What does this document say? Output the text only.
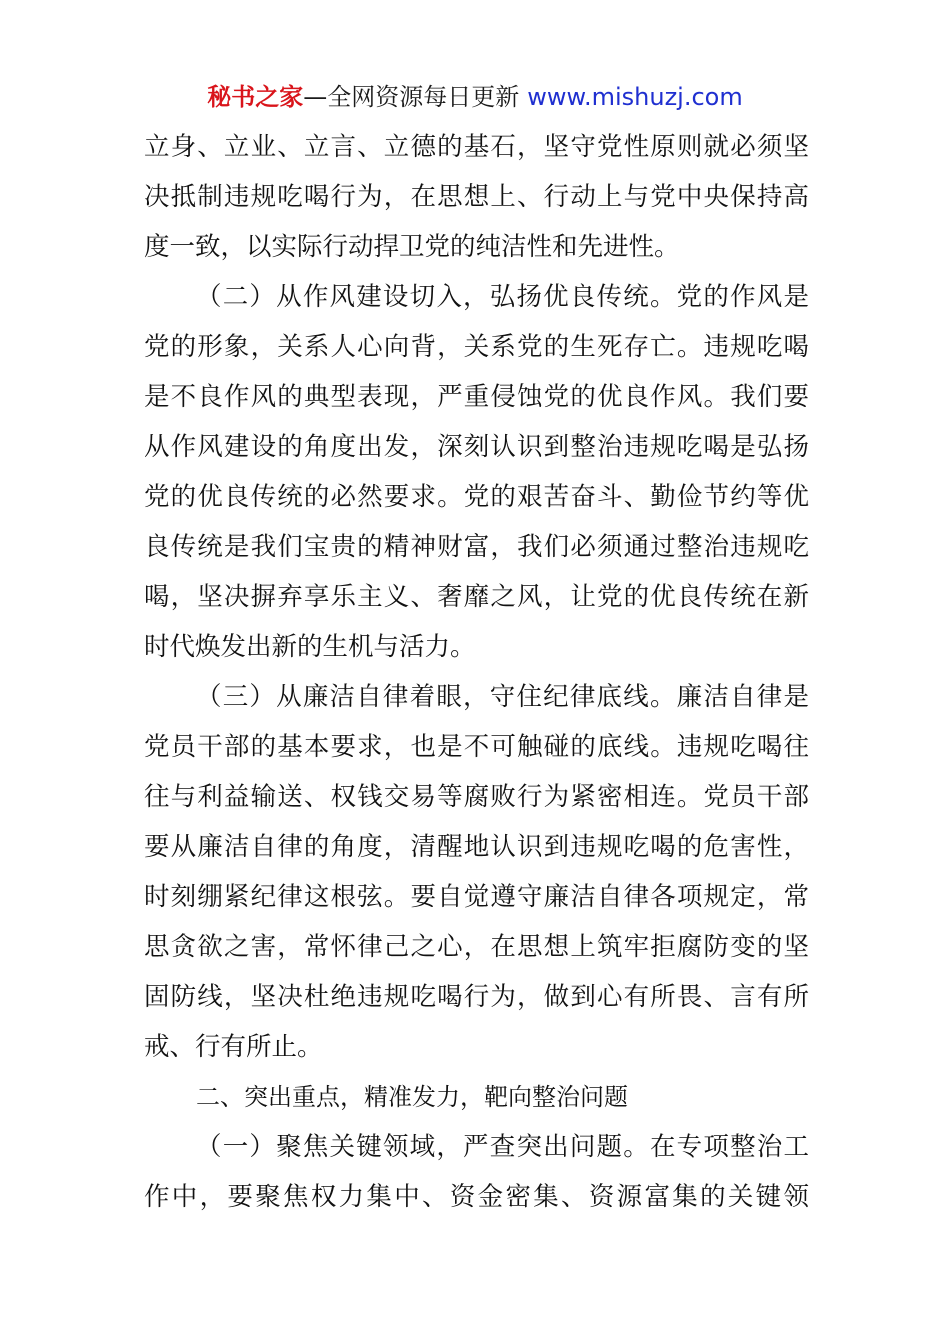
秘书之家—全网资源每日更新 www.mishuzj.com
立身、立业、立言、立德的基石，坚守党性原则就必须坚
决抵制违规吃喝行为，在思想上、行动上与党中央保持高
度一致，以实际行动捍卫党的纯洁性和先进性。
（二）从作风建设切入，弘扬优良传统。党的作风是
党的形象，关系人心向背，关系党的生死存亡。违规吃喝
是不良作风的典型表现，严重侵蚀党的优良作风。我们要
从作风建设的角度出发，深刻认识到整治违规吃喝是弘扬
党的优良传统的必然要求。党的艰苦奋斗、勤俭节约等优
良传统是我们宝贵的精神财富，我们必须通过整治违规吃
喝，坚决摒弃享乐主义、奢靡之风，让党的优良传统在新
时代焕发出新的生机与活力。
（三）从廉洁自律着眼，守住纪律底线。廉洁自律是
党员干部的基本要求，也是不可触碰的底线。违规吃喝往
往与利益输送、权钱交易等腐败行为紧密相连。党员干部
要从廉洁自律的角度，清醒地认识到违规吃喝的危害性，
时刻绷紧纪律这根弦。要自觉遵守廉洁自律各项规定，常
思贪欲之害，常怀律己之心，在思想上筑牢拒腐防变的坚
固防线，坚决杜绝违规吃喝行为，做到心有所畏、言有所
戒、行有所止。
二、突出重点，精准发力，靶向整治问题
（一）聚焦关键领域，严查突出问题。在专项整治工
作中，要聚焦权力集中、资金密集、资源富集的关键领
